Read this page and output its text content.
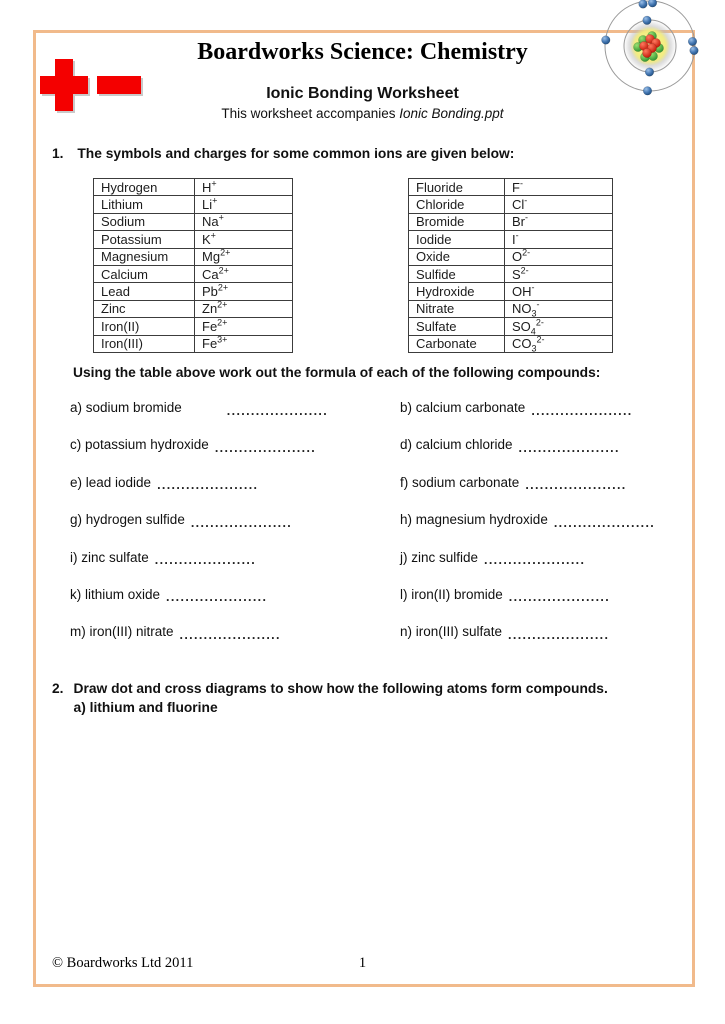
Boardworks Science: Chemistry
Ionic Bonding Worksheet
This worksheet accompanies Ionic Bonding.ppt
1. The symbols and charges for some common ions are given below:
Hydrogen	H+
Lithium	Li+
Sodium	Na+
Potassium	K+
Magnesium	$Mg^{2+}$
Calcium	$Ca^{2+}$
Lead	$Pb^{2+}$
Zinc	$Zn^{2+}$
Iron(II)	$Fe^{2+}$
Iron(III)	$Fe^{3+}$
Fluoride	F-
Chloride	Cl-
Bromide	Br-
Iodide	I-
Oxide	$O^{2-}$
Sulfide	$S^{2-}$
Hydroxide	OH-
Nitrate	$NO_3^-$
Sulfate	$SO_4^{2-}$
Carbonate	$CO_3^{2-}$
Using the table above work out the formula of each of the following compounds:
a) sodium bromide	.....................	b) calcium carbonate .....................
c) potassium hydroxide .....................	d) calcium chloride .....................
e) lead iodide .....................	f) sodium carbonate .....................
g) hydrogen sulfide .....................	h) magnesium hydroxide .....................
i) zinc sulfate .....................	j) zinc sulfide .....................
k) lithium oxide .....................	l) iron(II) bromide .....................
m) iron(III) nitrate .....................	n) iron(III) sulfate .....................
2. Draw dot and cross diagrams to show how the following atoms form compounds.
a) lithium and fluorine
© Boardworks Ltd 2011	1
